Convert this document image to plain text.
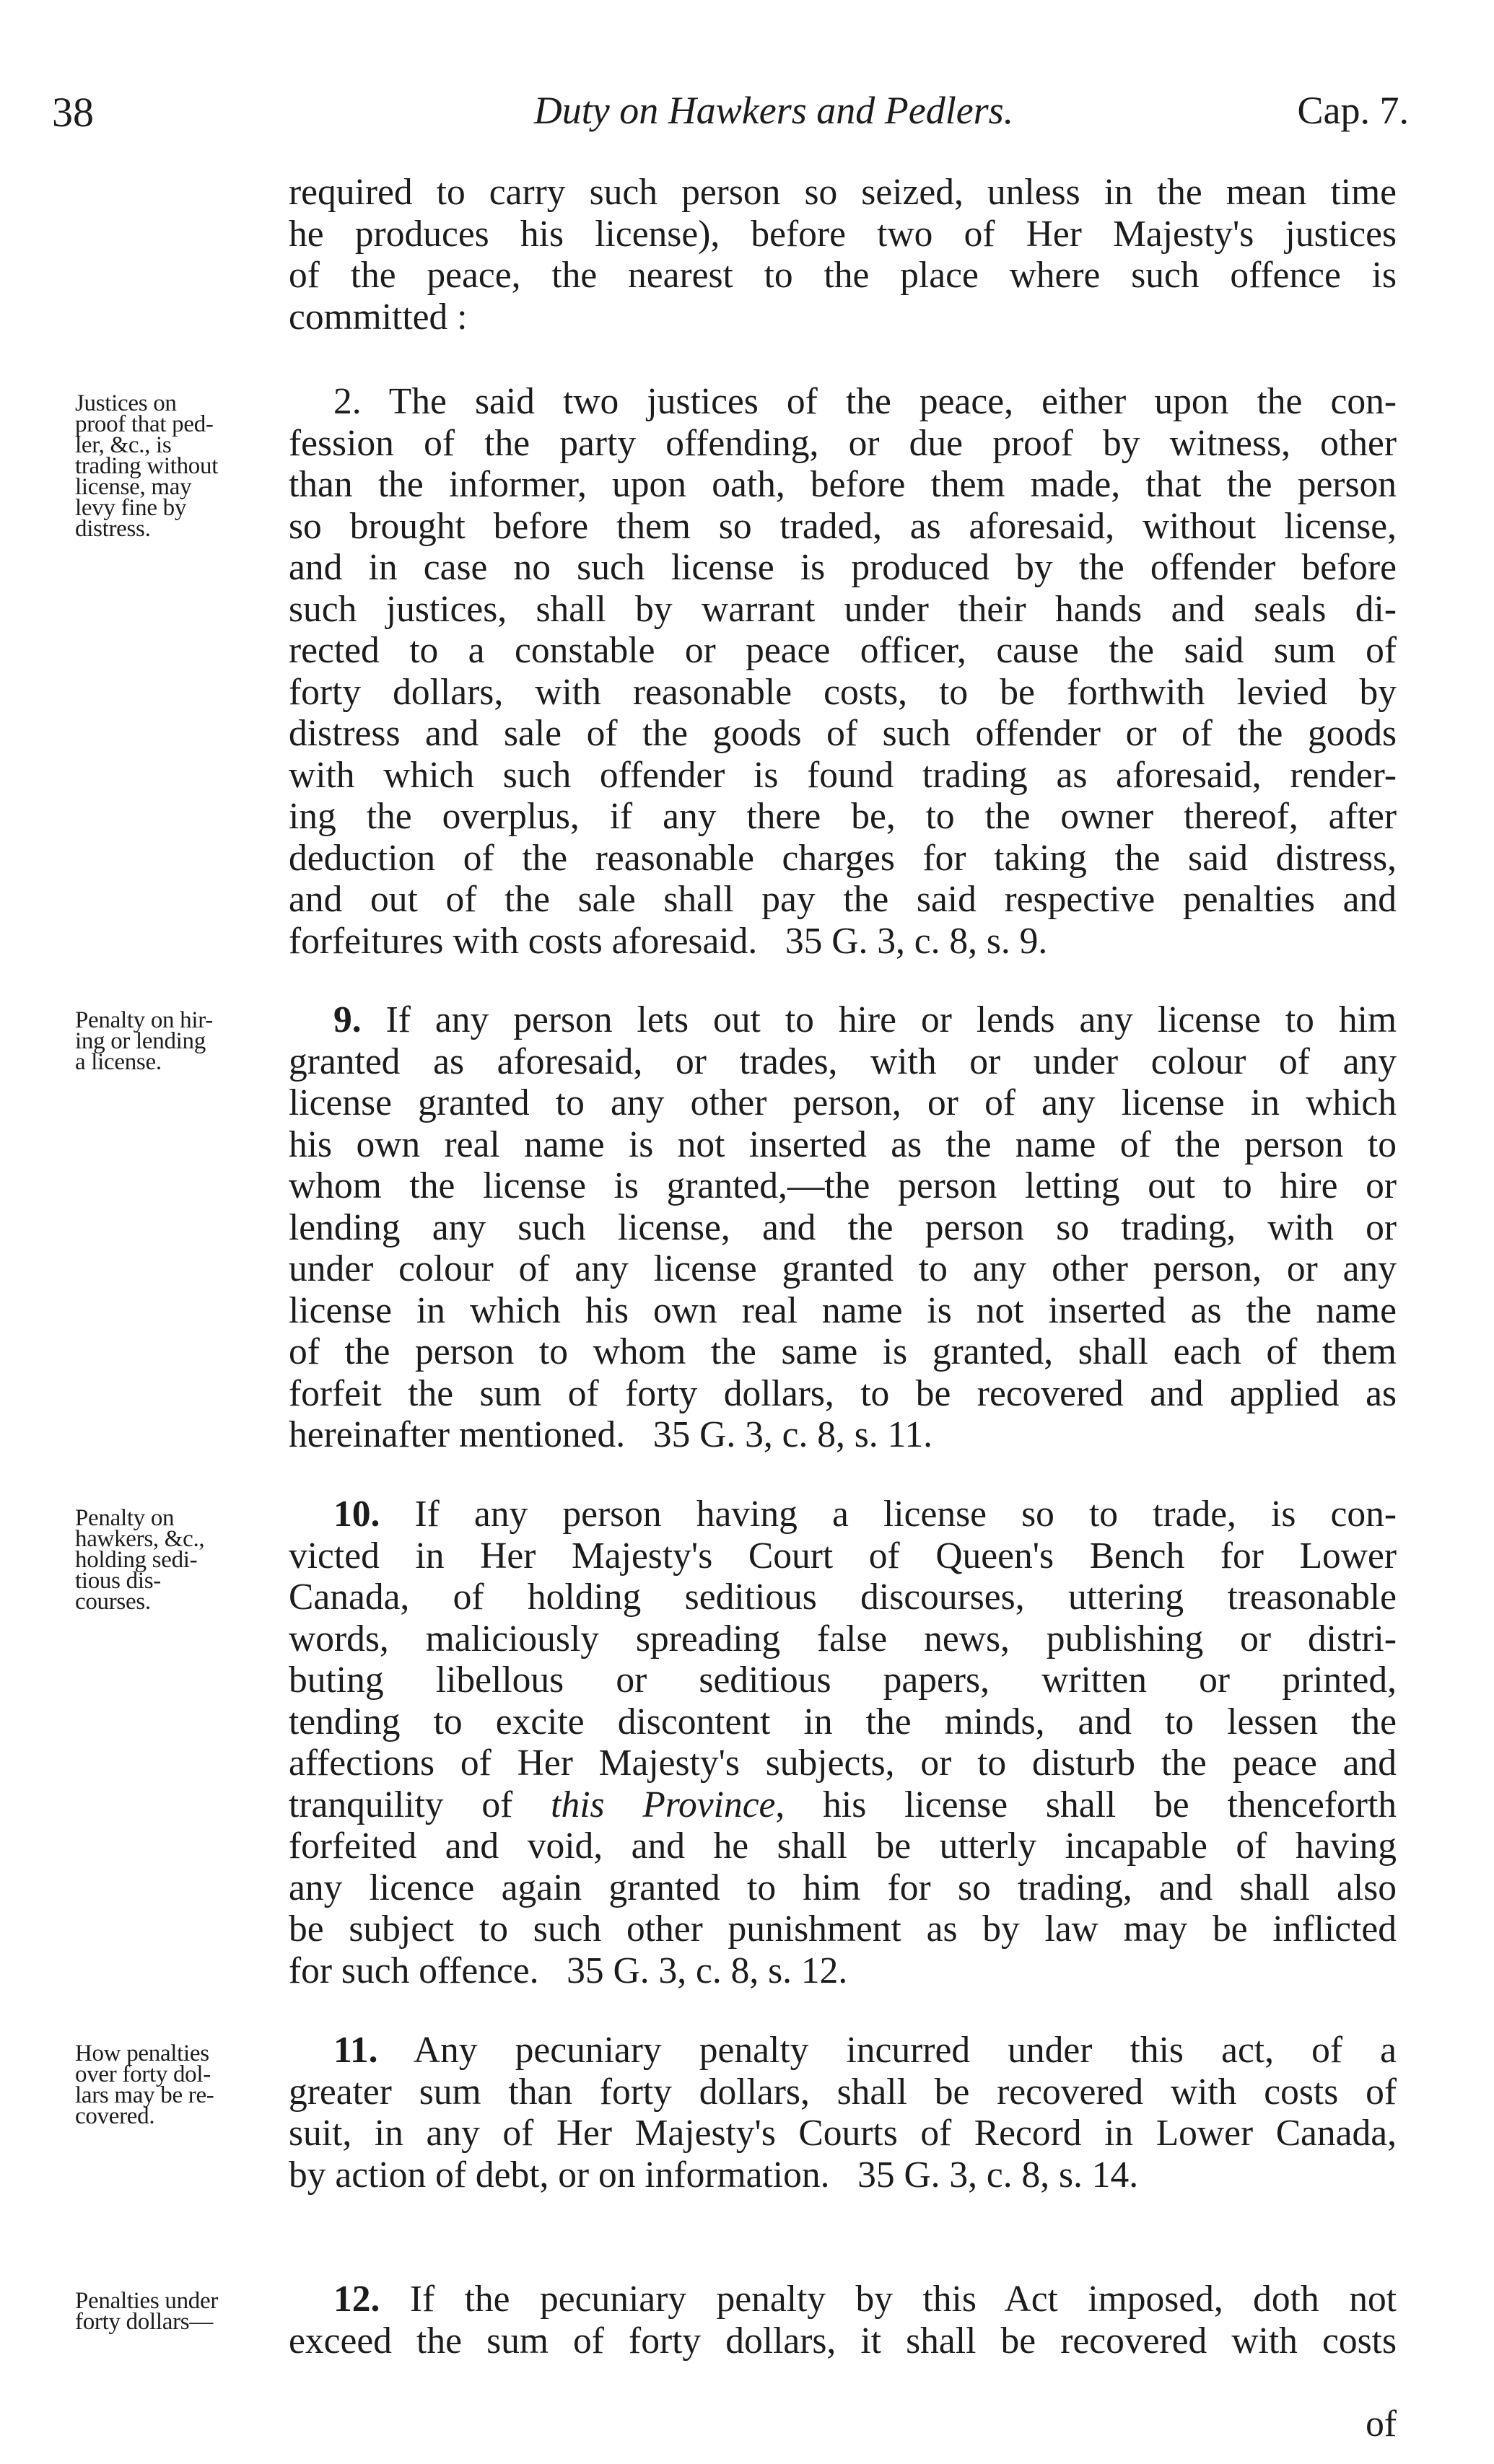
38	Duty on Hawkers and Pedlers.	Cap. 7.
required to carry such person so seized, unless in the mean time
he produces his license), before two of Her Majesty's justices
of the peace, the nearest to the place where such offence is
committed :
Justices on
proof that ped-
ler, &c., is
trading without
license, may
levy fine by
distress.
2. The said two justices of the peace, either upon the con-
fession of the party offending, or due proof by witness, other
than the informer, upon oath, before them made, that the person
so brought before them so traded, as aforesaid, without license,
and in case no such license is produced by the offender before
such justices, shall by warrant under their hands and seals di-
rected to a constable or peace officer, cause the said sum of
forty dollars, with reasonable costs, to be forthwith levied by
distress and sale of the goods of such offender or of the goods
with which such offender is found trading as aforesaid, render-
ing the overplus, if any there be, to the owner thereof, after
deduction of the reasonable charges for taking the said distress,
and out of the sale shall pay the said respective penalties and
forfeitures with costs aforesaid. 35 G. 3, c. 8, s. 9.
Penalty on hir-
ing or lending
a license.
9. If any person lets out to hire or lends any license to him
granted as aforesaid, or trades, with or under colour of any
license granted to any other person, or of any license in which
his own real name is not inserted as the name of the person to
whom the license is granted,—the person letting out to hire or
lending any such license, and the person so trading, with or
under colour of any license granted to any other person, or any
license in which his own real name is not inserted as the name
of the person to whom the same is granted, shall each of them
forfeit the sum of forty dollars, to be recovered and applied as
hereinafter mentioned. 35 G. 3, c. 8, s. 11.
Penalty on
hawkers, &c.,
holding sedi-
tious dis-
courses.
10. If any person having a license so to trade, is con-
victed in Her Majesty's Court of Queen's Bench for Lower
Canada, of holding seditious discourses, uttering treasonable
words, maliciously spreading false news, publishing or distri-
buting libellous or seditious papers, written or printed,
tending to excite discontent in the minds, and to lessen the
affections of Her Majesty's subjects, or to disturb the peace and
tranquility of this Province, his license shall be thenceforth
forfeited and void, and he shall be utterly incapable of having
any licence again granted to him for so trading, and shall also
be subject to such other punishment as by law may be inflicted
for such offence. 35 G. 3, c. 8, s. 12.
How penalties
over forty dol-
lars may be re-
covered.
11. Any pecuniary penalty incurred under this act, of a
greater sum than forty dollars, shall be recovered with costs of
suit, in any of Her Majesty's Courts of Record in Lower Canada,
by action of debt, or on information. 35 G. 3, c. 8, s. 14.
Penalties under
forty dollars—
12. If the pecuniary penalty by this Act imposed, doth not
exceed the sum of forty dollars, it shall be recovered with costs
of
